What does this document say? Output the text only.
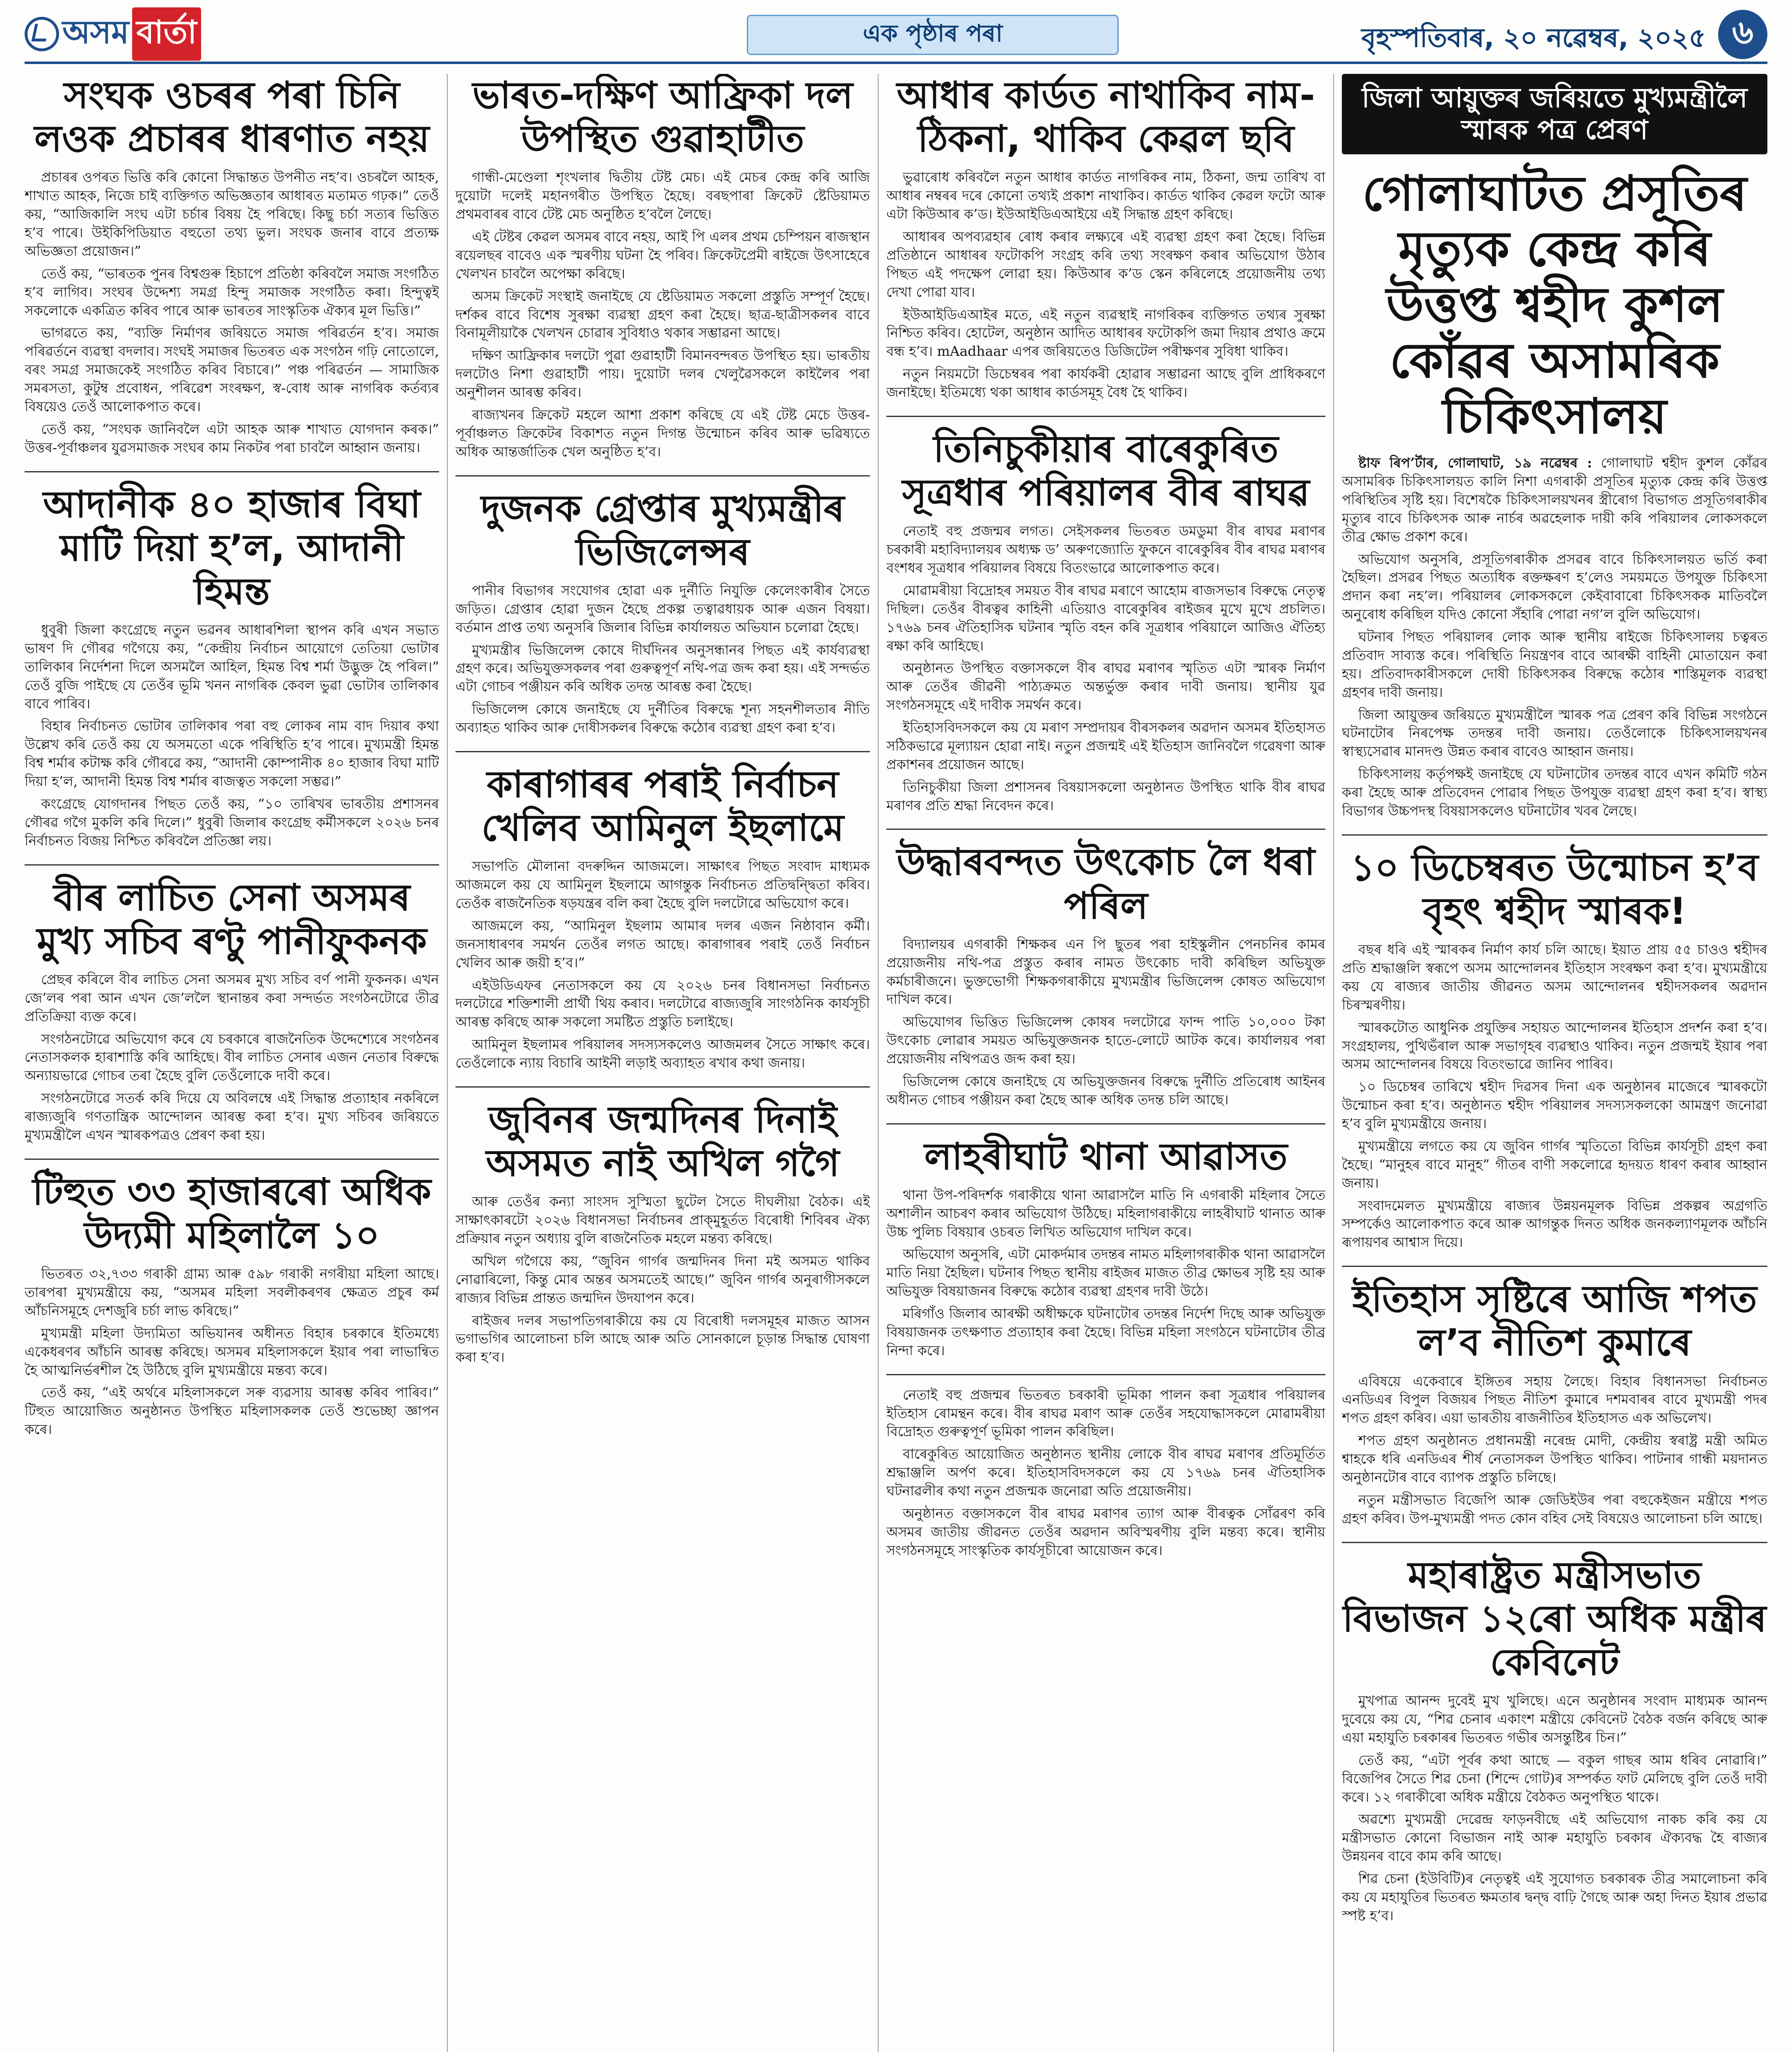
অসম বাৰ্তা	এক পৃষ্ঠাৰ পৰা	বৃহস্পতিবাৰ, ২০ নৱেম্বৰ, ২০২৫ ৬
সংঘক ওচৰৰ পৰা চিনি লওক প্ৰচাৰৰ ধাৰণাত নহয়

প্ৰচাৰৰ ওপৰত ভিত্তি কৰি কোনো সিদ্ধান্তত উপনীত নহ’ব। ওচৰলৈ আহক, শাখাত আহক, নিজে চাই ব্যক্তিগত অভিজ্ঞতাৰ আধাৰত মতামত গঢ়ক।” তেওঁ কয়, “আজিকালি সংঘ এটা চৰ্চাৰ বিষয় হৈ পৰিছে। কিছু চৰ্চা সত্যৰ ভিত্তিত হ’ব পাৰে। উইকিপিডিয়াত বহুতো তথ্য ভুল। সংঘক জনাৰ বাবে প্ৰত্যক্ষ অভিজ্ঞতা প্ৰয়োজন।”

তেওঁ কয়, “ভাৰতক পুনৰ বিশ্বগুৰু হিচাপে প্ৰতিষ্ঠা কৰিবলৈ সমাজ সংগঠিত হ’ব লাগিব। সংঘৰ উদ্দেশ্য সমগ্ৰ হিন্দু সমাজক সংগঠিত কৰা। হিন্দুত্বই সকলোকে একত্ৰিত কৰিব পাৰে আৰু ভাৰতৰ সাংস্কৃতিক ঐক্যৰ মূল ভিত্তি।”

ভাগৱতে কয়, “ব্যক্তি নিৰ্মাণৰ জৰিয়তে সমাজ পৰিৱৰ্তন হ’ব। সমাজ পৰিৱৰ্তনে ব্যৱস্থা বদলাব। সংঘই সমাজৰ ভিতৰত এক সংগঠন গঢ়ি নোতোলে, বৰং সমগ্ৰ সমাজকেই সংগঠিত কৰিব বিচাৰে।” পঞ্চ পৰিৱৰ্তন — সামাজিক সমৰসতা, কুটুম্ব প্ৰবোধন, পৰিৱেশ সংৰক্ষণ, স্ব-বোধ আৰু নাগৰিক কৰ্তব্যৰ বিষয়েও তেওঁ আলোকপাত কৰে।

তেওঁ কয়, “সংঘক জানিবলৈ এটা আহক আৰু শাখাত যোগদান কৰক।” উত্তৰ-পূৰ্বাঞ্চলৰ যুৱসমাজক সংঘৰ কাম নিকটৰ পৰা চাবলৈ আহ্বান জনায়।

আদানীক ৪০ হাজাৰ বিঘা মাটি দিয়া হ’ল, আদানী হিমন্ত

ধুবুৰী জিলা কংগ্ৰেছে নতুন ভৱনৰ আধাৰশিলা স্থাপন কৰি এখন সভাত ভাষণ দি গৌৰৱ গগৈয়ে কয়, “কেন্দ্ৰীয় নিৰ্বাচন আয়োগে তেতিয়া ভোটাৰ তালিকাৰ নিৰ্দেশনা দিলে অসমলৈ আহিল, হিমন্ত বিশ্ব শৰ্মা উদ্ভুক্ত হৈ পৰিল।” তেওঁ বুজি পাইছে যে তেওঁৰ ভূমি খনন নাগৰিক কেবল ভুৱা ভোটাৰ তালিকাৰ বাবে পাৰিব।

বিহাৰ নিৰ্বাচনত ভোটাৰ তালিকাৰ পৰা বহু লোকৰ নাম বাদ দিয়াৰ কথা উল্লেখ কৰি তেওঁ কয় যে অসমতো একে পৰিস্থিতি হ’ব পাৰে। মুখ্যমন্ত্ৰী হিমন্ত বিশ্ব শৰ্মাৰ কটাক্ষ কৰি গৌৰৱে কয়, “আদানী কোম্পানীক ৪০ হাজাৰ বিঘা মাটি দিয়া হ’ল, আদানী হিমন্ত বিশ্ব শৰ্মাৰ ৰাজত্বত সকলো সম্ভৱ।”

কংগ্ৰেছে যোগদানৰ পিছত তেওঁ কয়, “১০ তাৰিখৰ ভাৰতীয় প্ৰশাসনৰ গৌৰৱ গগৈ মুকলি কৰি দিলে।” ধুবুৰী জিলাৰ কংগ্ৰেছ কৰ্মীসকলে ২০২৬ চনৰ নিৰ্বাচনত বিজয় নিশ্চিত কৰিবলৈ প্ৰতিজ্ঞা লয়।

বীৰ লাচিত সেনা অসমৰ মুখ্য সচিব ৰণ্টু পানীফুকনক

প্ৰেছৰ কৰিলে বীৰ লাচিত সেনা অসমৰ মুখ্য সচিব বৰ্ণ পানী ফুকনক। এখন জে’লৰ পৰা আন এখন জে’ললৈ স্থানান্তৰ কৰা সন্দৰ্ভত সংগঠনটোৱে তীব্ৰ প্ৰতিক্ৰিয়া ব্যক্ত কৰে।

সংগঠনটোৱে অভিযোগ কৰে যে চৰকাৰে ৰাজনৈতিক উদ্দেশ্যেৰে সংগঠনৰ নেতাসকলক হাৰাশাস্তি কৰি আহিছে। বীৰ লাচিত সেনাৰ এজন নেতাৰ বিৰুদ্ধে অন্যায়ভাৱে গোচৰ তৰা হৈছে বুলি তেওঁলোকে দাবী কৰে।

সংগঠনটোৱে সতৰ্ক কৰি দিয়ে যে অবিলম্বে এই সিদ্ধান্ত প্ৰত্যাহাৰ নকৰিলে ৰাজ্যজুৰি গণতান্ত্ৰিক আন্দোলন আৰম্ভ কৰা হ’ব। মুখ্য সচিবৰ জৰিয়তে মুখ্যমন্ত্ৰীলৈ এখন স্মাৰকপত্ৰও প্ৰেৰণ কৰা হয়।

টিহুত ৩৩ হাজাৰৰো অধিক উদ্যমী মহিলালৈ ১০

ভিতৰত ৩২,৭৩৩ গৰাকী গ্ৰাম্য আৰু ৫৯৮ গৰাকী নগৰীয়া মহিলা আছে। তাৰপৰা মুখ্যমন্ত্ৰীয়ে কয়, “অসমৰ মহিলা সবলীকৰণৰ ক্ষেত্ৰত প্ৰচুৰ কৰ্ম আঁচনিসমূহে দেশজুৰি চৰ্চা লাভ কৰিছে।”

মুখ্যমন্ত্ৰী মহিলা উদ্যমিতা অভিযানৰ অধীনত বিহাৰ চৰকাৰে ইতিমধ্যে একেধৰণৰ আঁচনি আৰম্ভ কৰিছে। অসমৰ মহিলাসকলে ইয়াৰ পৰা লাভান্বিত হৈ আত্মনিৰ্ভৰশীল হৈ উঠিছে বুলি মুখ্যমন্ত্ৰীয়ে মন্তব্য কৰে।

তেওঁ কয়, “এই অৰ্থৰে মহিলাসকলে সৰু ব্যৱসায় আৰম্ভ কৰিব পাৰিব।” টিহুত আয়োজিত অনুষ্ঠানত উপস্থিত মহিলাসকলক তেওঁ শুভেচ্ছা জ্ঞাপন কৰে।

ভাৰত-দক্ষিণ আফ্ৰিকা দল উপস্থিত গুৱাহাটীত

গান্ধী-মেণ্ডেলা শৃংখলাৰ দ্বিতীয় টেষ্ট মেচ। এই মেচৰ কেন্দ্ৰ কৰি আজি দুয়োটা দলেই মহানগৰীত উপস্থিত হৈছে। বৰছপাৰা ক্ৰিকেট ষ্টেডিয়ামত প্ৰথমবাৰৰ বাবে টেষ্ট মেচ অনুষ্ঠিত হ’বলৈ লৈছে।

এই টেষ্টৰ কেৱল অসমৰ বাবে নহয়, আই পি এলৰ প্ৰথম চেম্পিয়ন ৰাজস্থান ৰয়েলছৰ বাবেও এক স্মৰণীয় ঘটনা হৈ পৰিব। ক্ৰিকেটপ্ৰেমী ৰাইজে উৎসাহেৰে খেলখন চাবলৈ অপেক্ষা কৰিছে।

অসম ক্ৰিকেট সংস্থাই জনাইছে যে ষ্টেডিয়ামত সকলো প্ৰস্তুতি সম্পূৰ্ণ হৈছে। দৰ্শকৰ বাবে বিশেষ সুৰক্ষা ব্যৱস্থা গ্ৰহণ কৰা হৈছে। ছাত্ৰ-ছাত্ৰীসকলৰ বাবে বিনামূলীয়াকৈ খেলখন চোৱাৰ সুবিধাও থকাৰ সম্ভাৱনা আছে।

দক্ষিণ আফ্ৰিকাৰ দলটো পুৱা গুৱাহাটী বিমানবন্দৰত উপস্থিত হয়। ভাৰতীয় দলটোও নিশা গুৱাহাটী পায়। দুয়োটা দলৰ খেলুৱৈসকলে কাইলৈৰ পৰা অনুশীলন আৰম্ভ কৰিব।

ৰাজ্যখনৰ ক্ৰিকেট মহলে আশা প্ৰকাশ কৰিছে যে এই টেষ্ট মেচে উত্তৰ-পূৰ্বাঞ্চলত ক্ৰিকেটৰ বিকাশত নতুন দিগন্ত উন্মোচন কৰিব আৰু ভৱিষ্যতে অধিক আন্তৰ্জাতিক খেল অনুষ্ঠিত হ’ব।

দুজনক গ্ৰেপ্তাৰ মুখ্যমন্ত্ৰীৰ ভিজিলেন্সৰ

পানীৰ বিভাগৰ সংযোগৰ হোৱা এক দুৰ্নীতি নিযুক্তি কেলেংকাৰীৰ সৈতে জড়িত। গ্ৰেপ্তাৰ হোৱা দুজন হৈছে প্ৰকল্প তত্বাৱধায়ক আৰু এজন বিষয়া। বৰ্তমান প্ৰাপ্ত তথ্য অনুসৰি জিলাৰ বিভিন্ন কাৰ্যালয়ত অভিযান চলোৱা হৈছে।

মুখ্যমন্ত্ৰীৰ ভিজিলেন্স কোষে দীৰ্ঘদিনৰ অনুসন্ধানৰ পিছত এই কাৰ্যব্যৱস্থা গ্ৰহণ কৰে। অভিযুক্তসকলৰ পৰা গুৰুত্বপূৰ্ণ নথি-পত্ৰ জব্দ কৰা হয়। এই সন্দৰ্ভত এটা গোচৰ পঞ্জীয়ন কৰি অধিক তদন্ত আৰম্ভ কৰা হৈছে।

ভিজিলেন্স কোষে জনাইছে যে দুৰ্নীতিৰ বিৰুদ্ধে শূন্য সহনশীলতাৰ নীতি অব্যাহত থাকিব আৰু দোষীসকলৰ বিৰুদ্ধে কঠোৰ ব্যৱস্থা গ্ৰহণ কৰা হ’ব।

কাৰাগাৰৰ পৰাই নিৰ্বাচন খেলিব আমিনুল ইছলামে

সভাপতি মৌলানা বদৰুদ্দিন আজমলে। সাক্ষাৎৰ পিছত সংবাদ মাধ্যমক আজমলে কয় যে আমিনুল ইছলামে আগন্তুক নিৰ্বাচনত প্ৰতিদ্বন্দ্বিতা কৰিব। তেওঁক ৰাজনৈতিক ষড়যন্ত্ৰৰ বলি কৰা হৈছে বুলি দলটোৱে অভিযোগ কৰে।

আজমলে কয়, “আমিনুল ইছলাম আমাৰ দলৰ এজন নিষ্ঠাবান কৰ্মী। জনসাধাৰণৰ সমৰ্থন তেওঁৰ লগত আছে। কাৰাগাৰৰ পৰাই তেওঁ নিৰ্বাচন খেলিব আৰু জয়ী হ’ব।”

এইউডিএফৰ নেতাসকলে কয় যে ২০২৬ চনৰ বিধানসভা নিৰ্বাচনত দলটোৱে শক্তিশালী প্ৰাৰ্থী থিয় কৰাব। দলটোৱে ৰাজ্যজুৰি সাংগঠনিক কাৰ্যসূচী আৰম্ভ কৰিছে আৰু সকলো সমষ্টিত প্ৰস্তুতি চলাইছে।

আমিনুল ইছলামৰ পৰিয়ালৰ সদস্যসকলেও আজমলৰ সৈতে সাক্ষাৎ কৰে। তেওঁলোকে ন্যায় বিচাৰি আইনী লড়াই অব্যাহত ৰখাৰ কথা জনায়।

জুবিনৰ জন্মদিনৰ দিনাই অসমত নাই অখিল গগৈ

আৰু তেওঁৰ কন্যা সাংসদ সুস্মিতা ছুটেল সৈতে দীঘলীয়া বৈঠক। এই সাক্ষাৎকাৰটো ২০২৬ বিধানসভা নিৰ্বাচনৰ প্ৰাক্‌মুহূৰ্তত বিৰোধী শিবিৰৰ ঐক্য প্ৰক্ৰিয়াৰ নতুন অধ্যায় বুলি ৰাজনৈতিক মহলে মন্তব্য কৰিছে।

অখিল গগৈয়ে কয়, “জুবিন গাৰ্গৰ জন্মদিনৰ দিনা মই অসমত থাকিব নোৱাৰিলো, কিন্তু মোৰ অন্তৰ অসমতেই আছে।” জুবিন গাৰ্গৰ অনুৰাগীসকলে ৰাজ্যৰ বিভিন্ন প্ৰান্তত জন্মদিন উদযাপন কৰে।

ৰাইজৰ দলৰ সভাপতিগৰাকীয়ে কয় যে বিৰোধী দলসমূহৰ মাজত আসন ভগাভগিৰ আলোচনা চলি আছে আৰু অতি সোনকালে চূড়ান্ত সিদ্ধান্ত ঘোষণা কৰা হ’ব।

আধাৰ কাৰ্ডত নাথাকিব নাম-ঠিকনা, থাকিব কেৱল ছবি

ভুৱাৰোধ কৰিবলৈ নতুন আধাৰ কাৰ্ডত নাগৰিকৰ নাম, ঠিকনা, জন্ম তাৰিখ বা আধাৰ নম্বৰৰ দৰে কোনো তথ্যই প্ৰকাশ নাথাকিব। কাৰ্ডত থাকিব কেৱল ফটো আৰু এটা কিউআৰ ক’ড। ইউআইডিএআইয়ে এই সিদ্ধান্ত গ্ৰহণ কৰিছে।

আধাৰৰ অপব্যৱহাৰ ৰোধ কৰাৰ লক্ষ্যৰে এই ব্যৱস্থা গ্ৰহণ কৰা হৈছে। বিভিন্ন প্ৰতিষ্ঠানে আধাৰৰ ফটোকপি সংগ্ৰহ কৰি তথ্য সংৰক্ষণ কৰাৰ অভিযোগ উঠাৰ পিছত এই পদক্ষেপ লোৱা হয়। কিউআৰ ক’ড স্কেন কৰিলেহে প্ৰয়োজনীয় তথ্য দেখা পোৱা যাব।

ইউআইডিএআইৰ মতে, এই নতুন ব্যৱস্থাই নাগৰিকৰ ব্যক্তিগত তথ্যৰ সুৰক্ষা নিশ্চিত কৰিব। হোটেল, অনুষ্ঠান আদিত আধাৰৰ ফটোকপি জমা দিয়াৰ প্ৰথাও ক্ৰমে বন্ধ হ’ব। mAadhaar এপৰ জৰিয়তেও ডিজিটেল পৰীক্ষণৰ সুবিধা থাকিব।

নতুন নিয়মটো ডিচেম্বৰৰ পৰা কাৰ্যকৰী হোৱাৰ সম্ভাৱনা আছে বুলি প্ৰাধিকৰণে জনাইছে। ইতিমধ্যে থকা আধাৰ কাৰ্ডসমূহ বৈধ হৈ থাকিব।

তিনিচুকীয়াৰ বাৰেকুৰিত সূত্ৰধাৰ পৰিয়ালৰ বীৰ ৰাঘৱ

নেতাই বহু প্ৰজন্মৰ লগত। সেইসকলৰ ভিতৰত ডমডুমা বীৰ ৰাঘৱ মৰাণৰ চৰকাৰী মহাবিদ্যালয়ৰ অধ্যক্ষ ড’ অৰুণজ্যোতি ফুকনে বাৰেকুৰিৰ বীৰ ৰাঘৱ মৰাণৰ বংশধৰ সূত্ৰধাৰ পৰিয়ালৰ বিষয়ে বিতংভাৱে আলোকপাত কৰে।

মোৱামৰীয়া বিদ্ৰোহৰ সময়ত বীৰ ৰাঘৱ মৰাণে আহোম ৰাজসভাৰ বিৰুদ্ধে নেতৃত্ব দিছিল। তেওঁৰ বীৰত্বৰ কাহিনী এতিয়াও বাৰেকুৰিৰ ৰাইজৰ মুখে মুখে প্ৰচলিত। ১৭৬৯ চনৰ ঐতিহাসিক ঘটনাৰ স্মৃতি বহন কৰি সূত্ৰধাৰ পৰিয়ালে আজিও ঐতিহ্য ৰক্ষা কৰি আহিছে।

অনুষ্ঠানত উপস্থিত বক্তাসকলে বীৰ ৰাঘৱ মৰাণৰ স্মৃতিত এটা স্মাৰক নিৰ্মাণ আৰু তেওঁৰ জীৱনী পাঠ্যক্ৰমত অন্তৰ্ভুক্ত কৰাৰ দাবী জনায়। স্থানীয় যুৱ সংগঠনসমূহে এই দাবীক সমৰ্থন কৰে।

ইতিহাসবিদসকলে কয় যে মৰাণ সম্প্ৰদায়ৰ বীৰসকলৰ অৱদান অসমৰ ইতিহাসত সঠিকভাৱে মূল্যায়ন হোৱা নাই। নতুন প্ৰজন্মই এই ইতিহাস জানিবলৈ গৱেষণা আৰু প্ৰকাশনৰ প্ৰয়োজন আছে।

তিনিচুকীয়া জিলা প্ৰশাসনৰ বিষয়াসকলো অনুষ্ঠানত উপস্থিত থাকি বীৰ ৰাঘৱ মৰাণৰ প্ৰতি শ্ৰদ্ধা নিবেদন কৰে।

উদ্ধাৰবন্দত উৎকোচ লৈ ধৰা পৰিল

বিদ্যালয়ৰ এগৰাকী শিক্ষকৰ এন পি ছুতৰ পৰা হাইস্কুলীন পেনচনিৰ কামৰ প্ৰয়োজনীয় নথি-পত্ৰ প্ৰস্তুত কৰাৰ নামত উৎকোচ দাবী কৰিছিল অভিযুক্ত কৰ্মচাৰীজনে। ভুক্তভোগী শিক্ষকগৰাকীয়ে মুখ্যমন্ত্ৰীৰ ভিজিলেন্স কোষত অভিযোগ দাখিল কৰে।

অভিযোগৰ ভিত্তিত ভিজিলেন্স কোষৰ দলটোৱে ফান্দ পাতি ১০,০০০ টকা উৎকোচ লোৱাৰ সময়ত অভিযুক্তজনক হাতে-লোটে আটক কৰে। কাৰ্যালয়ৰ পৰা প্ৰয়োজনীয় নথিপত্ৰও জব্দ কৰা হয়।

ভিজিলেন্স কোষে জনাইছে যে অভিযুক্তজনৰ বিৰুদ্ধে দুৰ্নীতি প্ৰতিৰোধ আইনৰ অধীনত গোচৰ পঞ্জীয়ন কৰা হৈছে আৰু অধিক তদন্ত চলি আছে।

লাহৰীঘাট থানা আৱাসত

থানা উপ-পৰিদৰ্শক গৰাকীয়ে থানা আৱাসলৈ মাতি নি এগৰাকী মহিলাৰ সৈতে অশালীন আচৰণ কৰাৰ অভিযোগ উঠিছে। মহিলাগৰাকীয়ে লাহৰীঘাট থানাত আৰু উচ্চ পুলিচ বিষয়াৰ ওচৰত লিখিত অভিযোগ দাখিল কৰে।

অভিযোগ অনুসৰি, এটা মোকৰ্দমাৰ তদন্তৰ নামত মহিলাগৰাকীক থানা আৱাসলৈ মাতি নিয়া হৈছিল। ঘটনাৰ পিছত স্থানীয় ৰাইজৰ মাজত তীব্ৰ ক্ষোভৰ সৃষ্টি হয় আৰু অভিযুক্ত বিষয়াজনৰ বিৰুদ্ধে কঠোৰ ব্যৱস্থা গ্ৰহণৰ দাবী উঠে।

মৰিগাঁও জিলাৰ আৰক্ষী অধীক্ষকে ঘটনাটোৰ তদন্তৰ নিৰ্দেশ দিছে আৰু অভিযুক্ত বিষয়াজনক তৎক্ষণাত প্ৰত্যাহাৰ কৰা হৈছে। বিভিন্ন মহিলা সংগঠনে ঘটনাটোৰ তীব্ৰ নিন্দা কৰে।

নেতাই বহু প্ৰজন্মৰ ভিতৰত চৰকাৰী ভূমিকা পালন কৰা সূত্ৰধাৰ পৰিয়ালৰ ইতিহাস ৰোমন্থন কৰে। বীৰ ৰাঘৱ মৰাণ আৰু তেওঁৰ সহযোদ্ধাসকলে মোৱামৰীয়া বিদ্ৰোহত গুৰুত্বপূৰ্ণ ভূমিকা পালন কৰিছিল।

বাৰেকুৰিত আয়োজিত অনুষ্ঠানত স্থানীয় লোকে বীৰ ৰাঘৱ মৰাণৰ প্ৰতিমূৰ্তিত শ্ৰদ্ধাঞ্জলি অৰ্পণ কৰে। ইতিহাসবিদসকলে কয় যে ১৭৬৯ চনৰ ঐতিহাসিক ঘটনাৱলীৰ কথা নতুন প্ৰজন্মক জনোৱা অতি প্ৰয়োজনীয়।

অনুষ্ঠানত বক্তাসকলে বীৰ ৰাঘৱ মৰাণৰ ত্যাগ আৰু বীৰত্বক সোঁৱৰণ কৰি অসমৰ জাতীয় জীৱনত তেওঁৰ অৱদান অবিস্মৰণীয় বুলি মন্তব্য কৰে। স্থানীয় সংগঠনসমূহে সাংস্কৃতিক কাৰ্যসূচীৰো আয়োজন কৰে।

জিলা আয়ুক্তৰ জৰিয়তে মুখ্যমন্ত্ৰীলৈ স্মাৰক পত্ৰ প্ৰেৰণ
গোলাঘাটত প্ৰসূতিৰ মৃত্যুক কেন্দ্ৰ কৰি উত্তপ্ত শ্বহীদ কুশল কোঁৱৰ অসামৰিক চিকিৎসালয়

ষ্টাফ ৰিপ’ৰ্টাৰ, গোলাঘাট, ১৯ নৱেম্বৰ : গোলাঘাট শ্বহীদ কুশল কোঁৱৰ অসামৰিক চিকিৎসালয়ত কালি নিশা এগৰাকী প্ৰসূতিৰ মৃত্যুক কেন্দ্ৰ কৰি উত্তপ্ত পৰিস্থিতিৰ সৃষ্টি হয়। বিশেষকৈ চিকিৎসালয়খনৰ স্ত্ৰীৰোগ বিভাগত প্ৰসূতিগৰাকীৰ মৃত্যুৰ বাবে চিকিৎসক আৰু নাৰ্চৰ অৱহেলাক দায়ী কৰি পৰিয়ালৰ লোকসকলে তীব্ৰ ক্ষোভ প্ৰকাশ কৰে।

অভিযোগ অনুসৰি, প্ৰসূতিগৰাকীক প্ৰসৱৰ বাবে চিকিৎসালয়ত ভৰ্তি কৰা হৈছিল। প্ৰসৱৰ পিছত অত্যধিক ৰক্তক্ষৰণ হ’লেও সময়মতে উপযুক্ত চিকিৎসা প্ৰদান কৰা নহ’ল। পৰিয়ালৰ লোকসকলে কেইবাবাৰো চিকিৎসকক মাতিবলৈ অনুৰোধ কৰিছিল যদিও কোনো সঁহাৰি পোৱা নগ’ল বুলি অভিযোগ।

ঘটনাৰ পিছত পৰিয়ালৰ লোক আৰু স্থানীয় ৰাইজে চিকিৎসালয় চত্বৰত প্ৰতিবাদ সাব্যস্ত কৰে। পৰিস্থিতি নিয়ন্ত্ৰণৰ বাবে আৰক্ষী বাহিনী মোতায়েন কৰা হয়। প্ৰতিবাদকাৰীসকলে দোষী চিকিৎসকৰ বিৰুদ্ধে কঠোৰ শাস্তিমূলক ব্যৱস্থা গ্ৰহণৰ দাবী জনায়।

জিলা আয়ুক্তৰ জৰিয়তে মুখ্যমন্ত্ৰীলৈ স্মাৰক পত্ৰ প্ৰেৰণ কৰি বিভিন্ন সংগঠনে ঘটনাটোৰ নিৰপেক্ষ তদন্তৰ দাবী জনায়। তেওঁলোকে চিকিৎসালয়খনৰ স্বাস্থ্যসেৱাৰ মানদণ্ড উন্নত কৰাৰ বাবেও আহ্বান জনায়।

চিকিৎসালয় কৰ্তৃপক্ষই জনাইছে যে ঘটনাটোৰ তদন্তৰ বাবে এখন কমিটি গঠন কৰা হৈছে আৰু প্ৰতিবেদন পোৱাৰ পিছত উপযুক্ত ব্যৱস্থা গ্ৰহণ কৰা হ’ব। স্বাস্থ্য বিভাগৰ উচ্চপদস্থ বিষয়াসকলেও ঘটনাটোৰ খবৰ লৈছে।

১০ ডিচেম্বৰত উন্মোচন হ’ব বৃহৎ শ্বহীদ স্মাৰক!

বছৰ ধৰি এই স্মাৰকৰ নিৰ্মাণ কাৰ্য চলি আছে। ইয়াত প্ৰায় ৫৫ চাওও শ্বহীদৰ প্ৰতি শ্ৰদ্ধাঞ্জলি স্বৰূপে অসম আন্দোলনৰ ইতিহাস সংৰক্ষণ কৰা হ’ব। মুখ্যমন্ত্ৰীয়ে কয় যে ৰাজ্যৰ জাতীয় জীৱনত অসম আন্দোলনৰ শ্বহীদসকলৰ অৱদান চিৰস্মৰণীয়।

স্মাৰকটোত আধুনিক প্ৰযুক্তিৰ সহায়ত আন্দোলনৰ ইতিহাস প্ৰদৰ্শন কৰা হ’ব। সংগ্ৰহালয়, পুথিভঁৰাল আৰু সভাগৃহৰ ব্যৱস্থাও থাকিব। নতুন প্ৰজন্মই ইয়াৰ পৰা অসম আন্দোলনৰ বিষয়ে বিতংভাৱে জানিব পাৰিব।

১০ ডিচেম্বৰ তাৰিখে শ্বহীদ দিৱসৰ দিনা এক অনুষ্ঠানৰ মাজেৰে স্মাৰকটো উন্মোচন কৰা হ’ব। অনুষ্ঠানত শ্বহীদ পৰিয়ালৰ সদস্যসকলকো আমন্ত্ৰণ জনোৱা হ’ব বুলি মুখ্যমন্ত্ৰীয়ে জনায়।

মুখ্যমন্ত্ৰীয়ে লগতে কয় যে জুবিন গাৰ্গৰ স্মৃতিতো বিভিন্ন কাৰ্যসূচী গ্ৰহণ কৰা হৈছে। “মানুহৰ বাবে মানুহ” গীতৰ বাণী সকলোৱে হৃদয়ত ধাৰণ কৰাৰ আহ্বান জনায়।

সংবাদমেলত মুখ্যমন্ত্ৰীয়ে ৰাজ্যৰ উন্নয়নমূলক বিভিন্ন প্ৰকল্পৰ অগ্ৰগতি সম্পৰ্কেও আলোকপাত কৰে আৰু আগন্তুক দিনত অধিক জনকল্যাণমূলক আঁচনি ৰূপায়ণৰ আশ্বাস দিয়ে।

ইতিহাস সৃষ্টিৰে আজি শপত ল’ব নীতিশ কুমাৰে

এবিষয়ে একেবাৰে ইঙ্গিতৰ সহায় লৈছে। বিহাৰ বিধানসভা নিৰ্বাচনত এনডিএৰ বিপুল বিজয়ৰ পিছত নীতিশ কুমাৰে দশমবাৰৰ বাবে মুখ্যমন্ত্ৰী পদৰ শপত গ্ৰহণ কৰিব। এয়া ভাৰতীয় ৰাজনীতিৰ ইতিহাসত এক অভিলেখ।

শপত গ্ৰহণ অনুষ্ঠানত প্ৰধানমন্ত্ৰী নৰেন্দ্ৰ মোদী, কেন্দ্ৰীয় স্বৰাষ্ট্ৰ মন্ত্ৰী অমিত শ্বাহকে ধৰি এনডিএৰ শীৰ্ষ নেতাসকল উপস্থিত থাকিব। পাটনাৰ গান্ধী ময়দানত অনুষ্ঠানটোৰ বাবে ব্যাপক প্ৰস্তুতি চলিছে।

নতুন মন্ত্ৰীসভাত বিজেপি আৰু জেডিইউৰ পৰা বহুকেইজন মন্ত্ৰীয়ে শপত গ্ৰহণ কৰিব। উপ-মুখ্যমন্ত্ৰী পদত কোন বহিব সেই বিষয়েও আলোচনা চলি আছে।

মহাৰাষ্ট্ৰত মন্ত্ৰীসভাত বিভাজন ১২ৰো অধিক মন্ত্ৰীৰ কেবিনেট

মুখপাত্ৰ আনন্দ দুবেই মুখ খুলিছে। এনে অনুষ্ঠানৰ সংবাদ মাধ্যমক আনন্দ দুবেয়ে কয় যে, “শিৱ চেনাৰ একাংশ মন্ত্ৰীয়ে কেবিনেট বৈঠক বৰ্জন কৰিছে আৰু এয়া মহাযুতি চৰকাৰৰ ভিতৰত গভীৰ অসন্তুষ্টিৰ চিন।”

তেওঁ কয়, “এটা পূৰ্বৰ কথা আছে — বকুল গাছৰ আম ধৰিব নোৱাৰি।” বিজেপিৰ সৈতে শিৱ চেনা (শিন্দে গোট)ৰ সম্পৰ্কত ফাট মেলিছে বুলি তেওঁ দাবী কৰে। ১২ গৰাকীৰো অধিক মন্ত্ৰীয়ে বৈঠকত অনুপস্থিত থাকে।

অৱশ্যে মুখ্যমন্ত্ৰী দেৱেন্দ্ৰ ফাড়নবীছে এই অভিযোগ নাকচ কৰি কয় যে মন্ত্ৰীসভাত কোনো বিভাজন নাই আৰু মহাযুতি চৰকাৰ ঐক্যবদ্ধ হৈ ৰাজ্যৰ উন্নয়নৰ বাবে কাম কৰি আছে।

শিৱ চেনা (ইউবিটি)ৰ নেতৃত্বই এই সুযোগত চৰকাৰক তীব্ৰ সমালোচনা কৰি কয় যে মহাযুতিৰ ভিতৰত ক্ষমতাৰ দ্বন্দ্ব বাঢ়ি গৈছে আৰু অহা দিনত ইয়াৰ প্ৰভাৱ স্পষ্ট হ’ব।
